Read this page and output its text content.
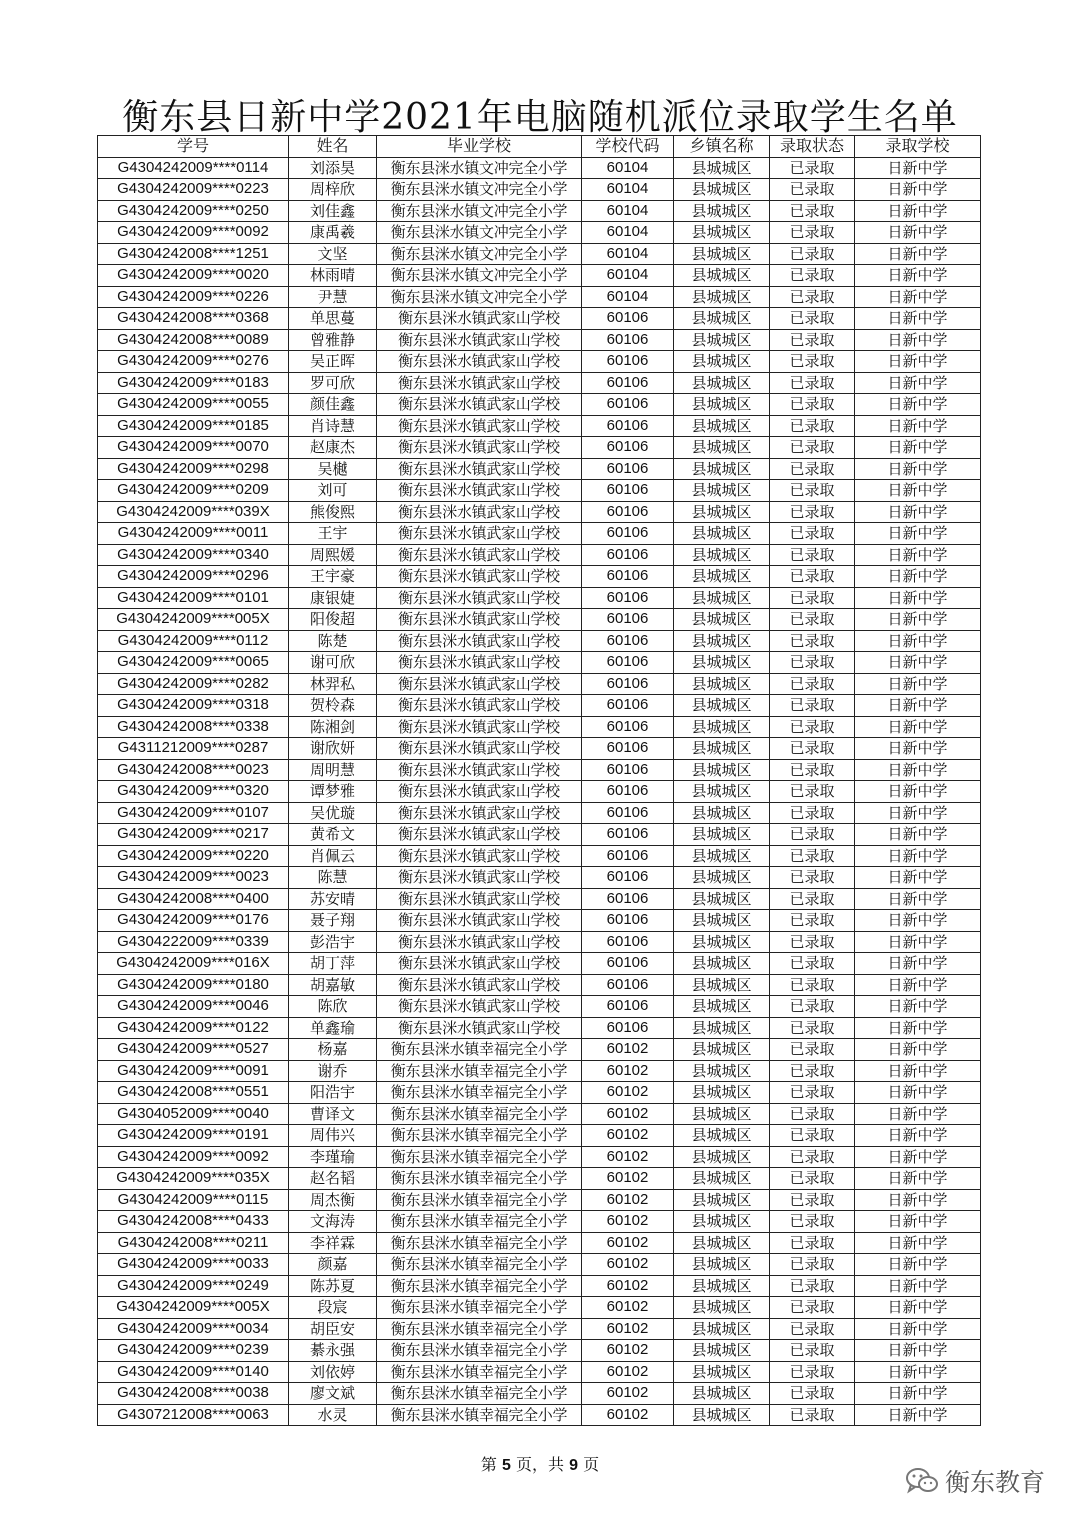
衡东县日新中学2021年电脑随机派位录取学生名单
学号	姓名	毕业学校	学校代码	乡镇名称	录取状态	录取学校
G4304242009****0114	刘添昊	衡东县洣水镇文冲完全小学	60104	县城城区	已录取	日新中学
G4304242009****0223	周梓欣	衡东县洣水镇文冲完全小学	60104	县城城区	已录取	日新中学
G4304242009****0250	刘佳鑫	衡东县洣水镇文冲完全小学	60104	县城城区	已录取	日新中学
G4304242009****0092	康禹羲	衡东县洣水镇文冲完全小学	60104	县城城区	已录取	日新中学
G4304242008****1251	文坚	衡东县洣水镇文冲完全小学	60104	县城城区	已录取	日新中学
G4304242009****0020	林雨晴	衡东县洣水镇文冲完全小学	60104	县城城区	已录取	日新中学
G4304242009****0226	尹慧	衡东县洣水镇文冲完全小学	60104	县城城区	已录取	日新中学
G4304242008****0368	单思蔓	衡东县洣水镇武家山学校	60106	县城城区	已录取	日新中学
G4304242008****0089	曾雅静	衡东县洣水镇武家山学校	60106	县城城区	已录取	日新中学
G4304242009****0276	吴正晖	衡东县洣水镇武家山学校	60106	县城城区	已录取	日新中学
G4304242009****0183	罗可欣	衡东县洣水镇武家山学校	60106	县城城区	已录取	日新中学
G4304242009****0055	颜佳鑫	衡东县洣水镇武家山学校	60106	县城城区	已录取	日新中学
G4304242009****0185	肖诗慧	衡东县洣水镇武家山学校	60106	县城城区	已录取	日新中学
G4304242009****0070	赵康杰	衡东县洣水镇武家山学校	60106	县城城区	已录取	日新中学
G4304242009****0298	吴樾	衡东县洣水镇武家山学校	60106	县城城区	已录取	日新中学
G4304242009****0209	刘可	衡东县洣水镇武家山学校	60106	县城城区	已录取	日新中学
G4304242009****039X	熊俊熙	衡东县洣水镇武家山学校	60106	县城城区	已录取	日新中学
G4304242009****0011	王宇	衡东县洣水镇武家山学校	60106	县城城区	已录取	日新中学
G4304242009****0340	周熙媛	衡东县洣水镇武家山学校	60106	县城城区	已录取	日新中学
G4304242009****0296	王宇豪	衡东县洣水镇武家山学校	60106	县城城区	已录取	日新中学
G4304242009****0101	康银婕	衡东县洣水镇武家山学校	60106	县城城区	已录取	日新中学
G4304242009****005X	阳俊超	衡东县洣水镇武家山学校	60106	县城城区	已录取	日新中学
G4304242009****0112	陈楚	衡东县洣水镇武家山学校	60106	县城城区	已录取	日新中学
G4304242009****0065	谢可欣	衡东县洣水镇武家山学校	60106	县城城区	已录取	日新中学
G4304242009****0282	林羿私	衡东县洣水镇武家山学校	60106	县城城区	已录取	日新中学
G4304242009****0318	贺柃森	衡东县洣水镇武家山学校	60106	县城城区	已录取	日新中学
G4304242008****0338	陈湘剑	衡东县洣水镇武家山学校	60106	县城城区	已录取	日新中学
G4311212009****0287	谢欣妍	衡东县洣水镇武家山学校	60106	县城城区	已录取	日新中学
G4304242008****0023	周明慧	衡东县洣水镇武家山学校	60106	县城城区	已录取	日新中学
G4304242009****0320	谭梦雅	衡东县洣水镇武家山学校	60106	县城城区	已录取	日新中学
G4304242009****0107	吴优璇	衡东县洣水镇武家山学校	60106	县城城区	已录取	日新中学
G4304242009****0217	黄希文	衡东县洣水镇武家山学校	60106	县城城区	已录取	日新中学
G4304242009****0220	肖佩云	衡东县洣水镇武家山学校	60106	县城城区	已录取	日新中学
G4304242009****0023	陈慧	衡东县洣水镇武家山学校	60106	县城城区	已录取	日新中学
G4304242008****0400	苏安晴	衡东县洣水镇武家山学校	60106	县城城区	已录取	日新中学
G4304242009****0176	聂子翔	衡东县洣水镇武家山学校	60106	县城城区	已录取	日新中学
G4304222009****0339	彭浩宇	衡东县洣水镇武家山学校	60106	县城城区	已录取	日新中学
G4304242009****016X	胡丁萍	衡东县洣水镇武家山学校	60106	县城城区	已录取	日新中学
G4304242009****0180	胡嘉敏	衡东县洣水镇武家山学校	60106	县城城区	已录取	日新中学
G4304242009****0046	陈欣	衡东县洣水镇武家山学校	60106	县城城区	已录取	日新中学
G4304242009****0122	单鑫瑜	衡东县洣水镇武家山学校	60106	县城城区	已录取	日新中学
G4304242009****0527	杨嘉	衡东县洣水镇幸福完全小学	60102	县城城区	已录取	日新中学
G4304242009****0091	谢乔	衡东县洣水镇幸福完全小学	60102	县城城区	已录取	日新中学
G4304242008****0551	阳浩宇	衡东县洣水镇幸福完全小学	60102	县城城区	已录取	日新中学
G4304052009****0040	曹译文	衡东县洣水镇幸福完全小学	60102	县城城区	已录取	日新中学
G4304242009****0191	周伟兴	衡东县洣水镇幸福完全小学	60102	县城城区	已录取	日新中学
G4304242009****0092	李瑾瑜	衡东县洣水镇幸福完全小学	60102	县城城区	已录取	日新中学
G4304242009****035X	赵名韬	衡东县洣水镇幸福完全小学	60102	县城城区	已录取	日新中学
G4304242009****0115	周杰衡	衡东县洣水镇幸福完全小学	60102	县城城区	已录取	日新中学
G4304242008****0433	文海涛	衡东县洣水镇幸福完全小学	60102	县城城区	已录取	日新中学
G4304242008****0211	李祥霖	衡东县洣水镇幸福完全小学	60102	县城城区	已录取	日新中学
G4304242009****0033	颜嘉	衡东县洣水镇幸福完全小学	60102	县城城区	已录取	日新中学
G4304242009****0249	陈苏夏	衡东县洣水镇幸福完全小学	60102	县城城区	已录取	日新中学
G4304242009****005X	段宸	衡东县洣水镇幸福完全小学	60102	县城城区	已录取	日新中学
G4304242009****0034	胡臣安	衡东县洣水镇幸福完全小学	60102	县城城区	已录取	日新中学
G4304242009****0239	綦永强	衡东县洣水镇幸福完全小学	60102	县城城区	已录取	日新中学
G4304242009****0140	刘依婷	衡东县洣水镇幸福完全小学	60102	县城城区	已录取	日新中学
G4304242008****0038	廖文斌	衡东县洣水镇幸福完全小学	60102	县城城区	已录取	日新中学
G4307212008****0063	水灵	衡东县洣水镇幸福完全小学	60102	县城城区	已录取	日新中学
第 5 页，共 9 页
衡东教育
